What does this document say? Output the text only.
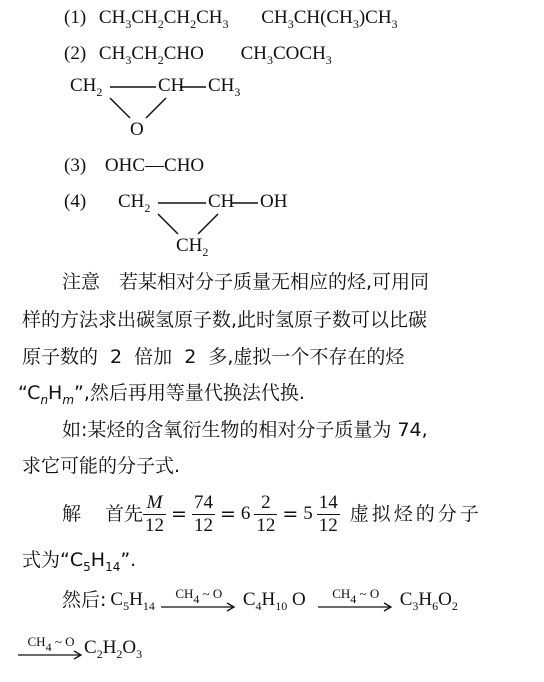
(1) $CH_3CH_2CH_2CH_3$ $CH_3CH(CH_3)CH_3$
(2) $CH_3CH_2CHO$ $CH_3COCH_3$
$CH_2$	CH $CH_3$
O
(3) OHC—CHO
(4) $CH_2$	CH OH
$CH_2$
注意　若某相对分子质量无相应的烃,可用同
样的方法求出碳氢原子数,此时氢原子数可以比碳
原子数的 2 倍加 2 多,虚拟一个不存在的烃
“$C_nH_m$”,然后再用等量代换法代换.
如:某烃的含氧衍生物的相对分子质量为 74,
求它可能的分子式.
解 首先 $\frac{M}{12} = \frac{74}{12} = 6 \frac{2}{12} = 5 \frac{14}{12}$ 虚拟烃的分子
式为“$C_5H_{14}$”.
然后: $C_5H_{14}$
$CH_4$ ~ O $C_4H_{10}$ O $CH_4$ ~ O $C_3H_6O_2$
$CH_4$ ~ O $C_2H_2O_3$
